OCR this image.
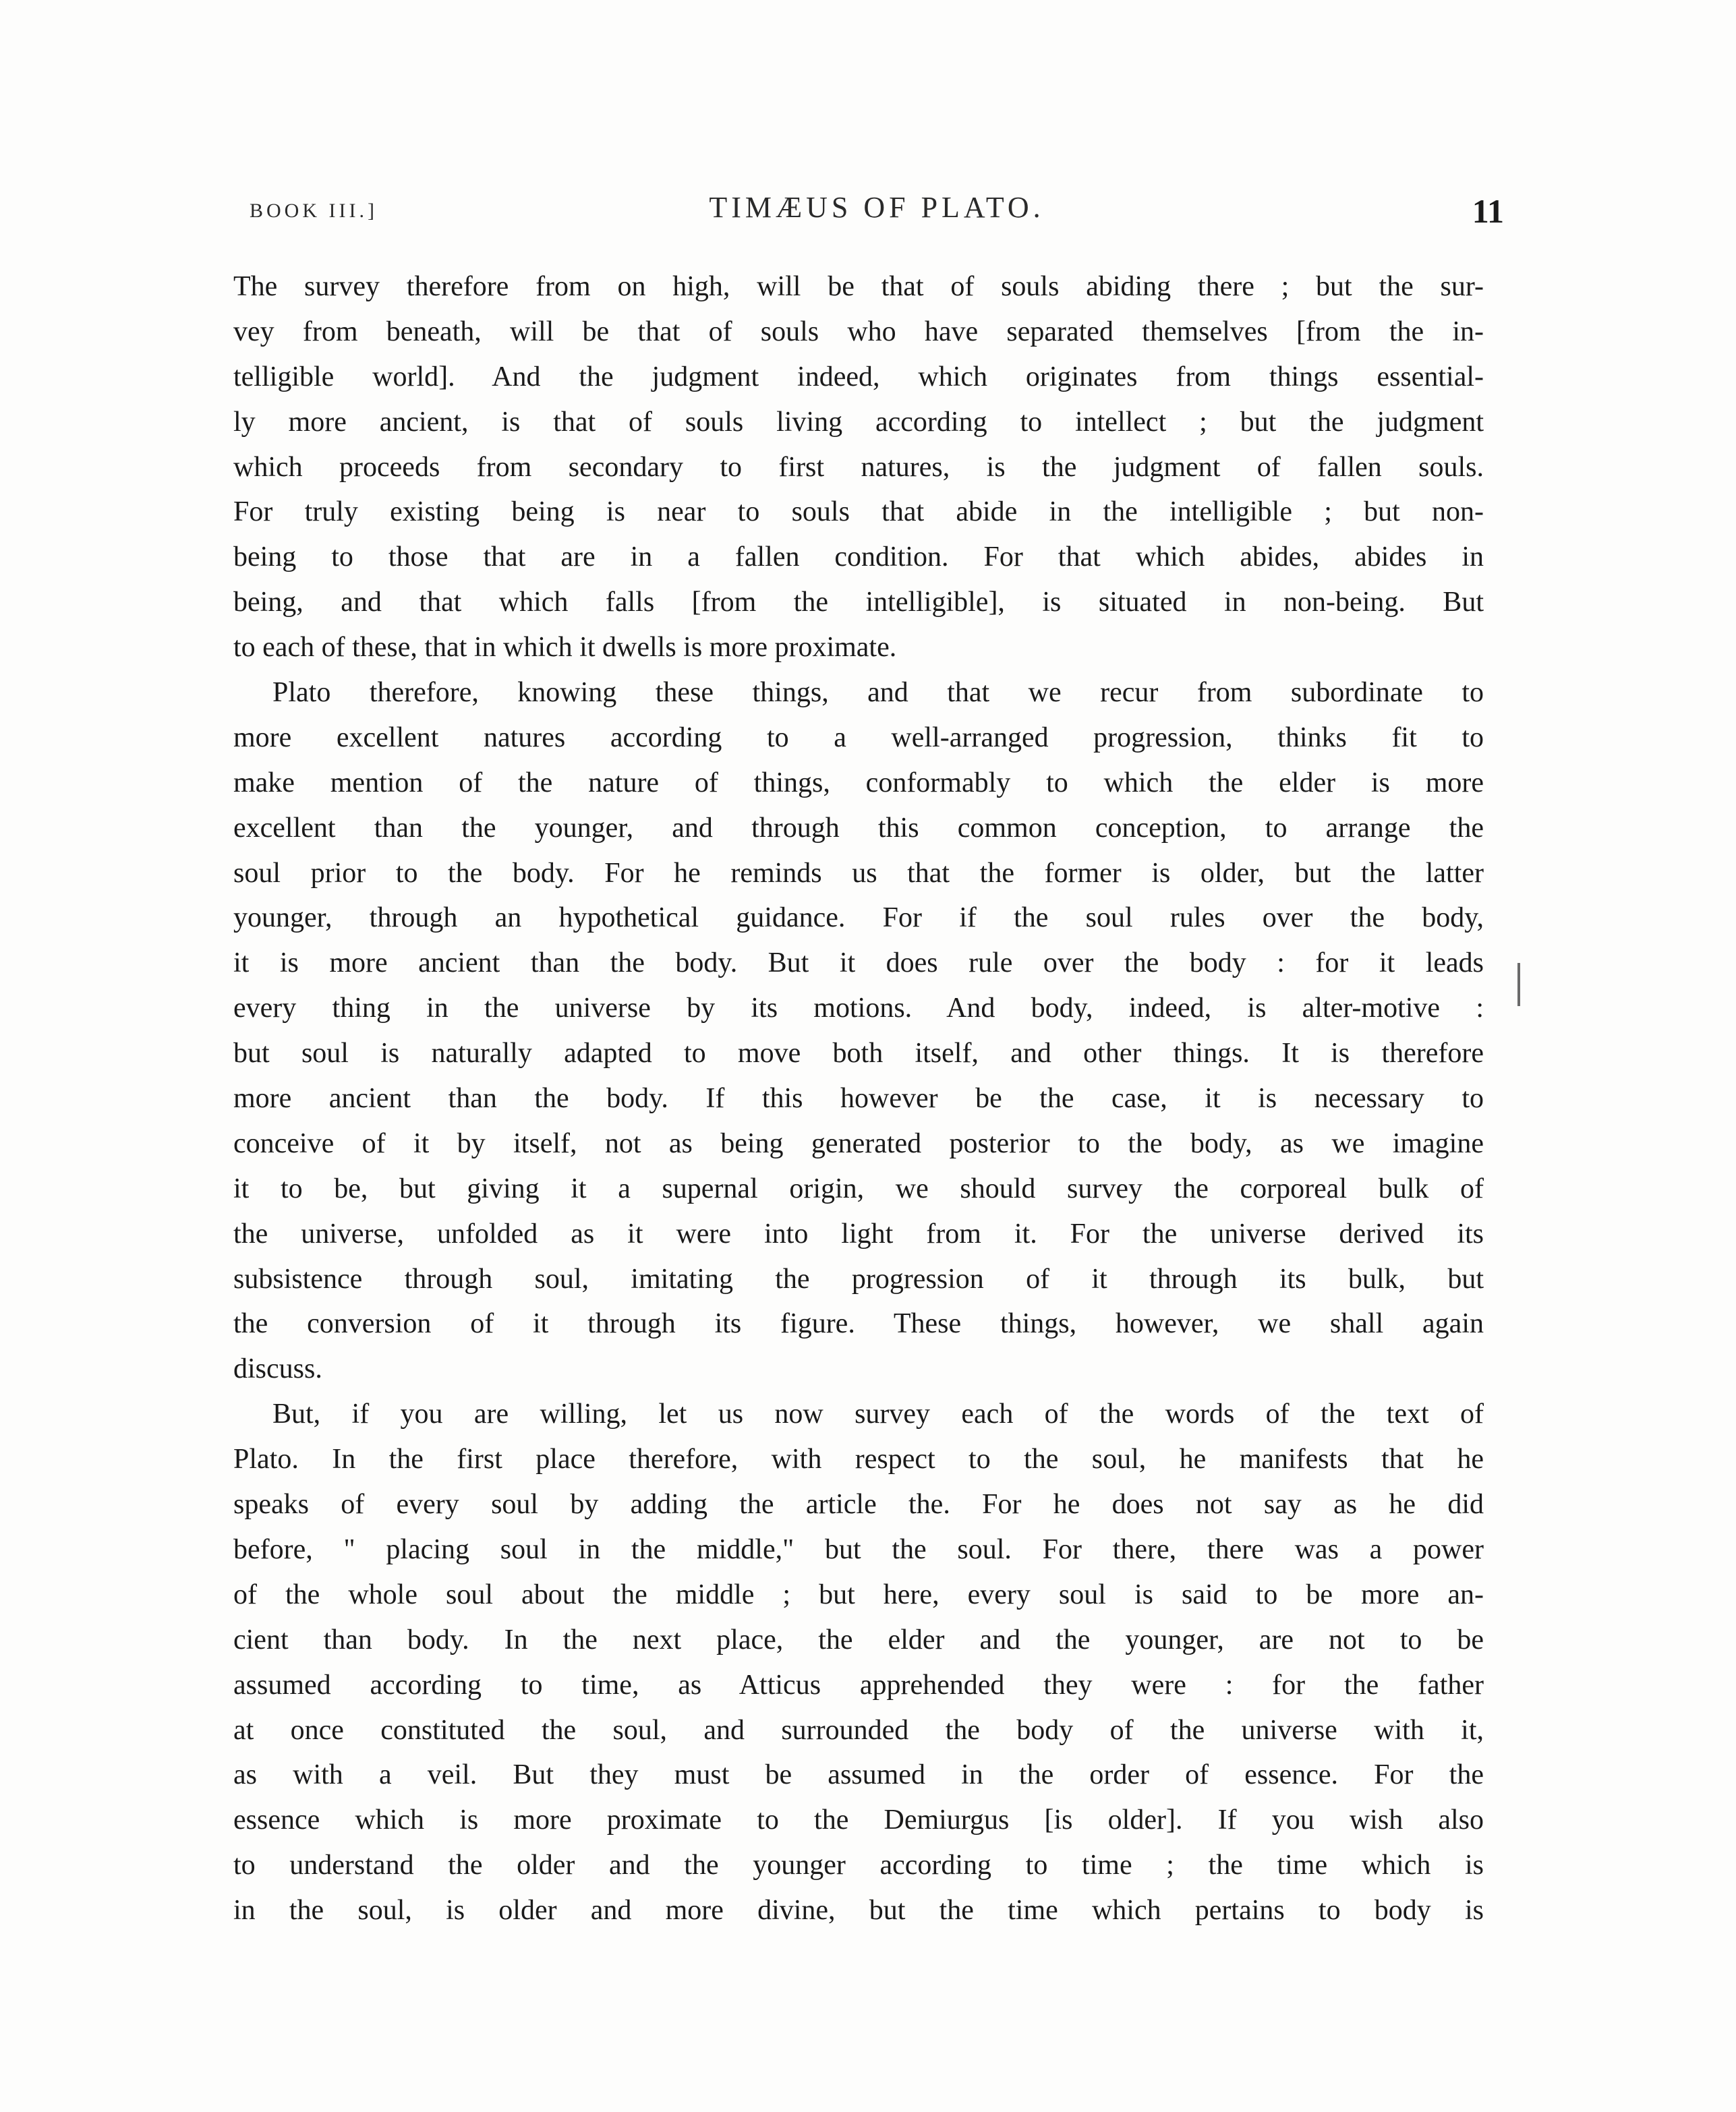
BOOK III.]	TIMÆUS OF PLATO.	11
The survey therefore from on high, will be that of souls abiding there ; but the sur-
vey from beneath, will be that of souls who have separated themselves [from the in-
telligible world]. And the judgment indeed, which originates from things essential-
ly more ancient, is that of souls living according to intellect ; but the judgment
which proceeds from secondary to first natures, is the judgment of fallen souls.
For truly existing being is near to souls that abide in the intelligible ; but non-
being to those that are in a fallen condition. For that which abides, abides in
being, and that which falls [from the intelligible], is situated in non-being. But
to each of these, that in which it dwells is more proximate.
Plato therefore, knowing these things, and that we recur from subordinate to
more excellent natures according to a well-arranged progression, thinks fit to
make mention of the nature of things, conformably to which the elder is more
excellent than the younger, and through this common conception, to arrange the
soul prior to the body. For he reminds us that the former is older, but the latter
younger, through an hypothetical guidance. For if the soul rules over the body,
it is more ancient than the body. But it does rule over the body : for it leads
every thing in the universe by its motions. And body, indeed, is alter-motive :
but soul is naturally adapted to move both itself, and other things. It is therefore
more ancient than the body. If this however be the case, it is necessary to
conceive of it by itself, not as being generated posterior to the body, as we imagine
it to be, but giving it a supernal origin, we should survey the corporeal bulk of
the universe, unfolded as it were into light from it. For the universe derived its
subsistence through soul, imitating the progression of it through its bulk, but
the conversion of it through its figure. These things, however, we shall again
discuss.
But, if you are willing, let us now survey each of the words of the text of
Plato. In the first place therefore, with respect to the soul, he manifests that he
speaks of every soul by adding the article the. For he does not say as he did
before, " placing soul in the middle," but the soul. For there, there was a power
of the whole soul about the middle ; but here, every soul is said to be more an-
cient than body. In the next place, the elder and the younger, are not to be
assumed according to time, as Atticus apprehended they were : for the father
at once constituted the soul, and surrounded the body of the universe with it,
as with a veil. But they must be assumed in the order of essence. For the
essence which is more proximate to the Demiurgus [is older]. If you wish also
to understand the older and the younger according to time ; the time which is
in the soul, is older and more divine, but the time which pertains to body is
